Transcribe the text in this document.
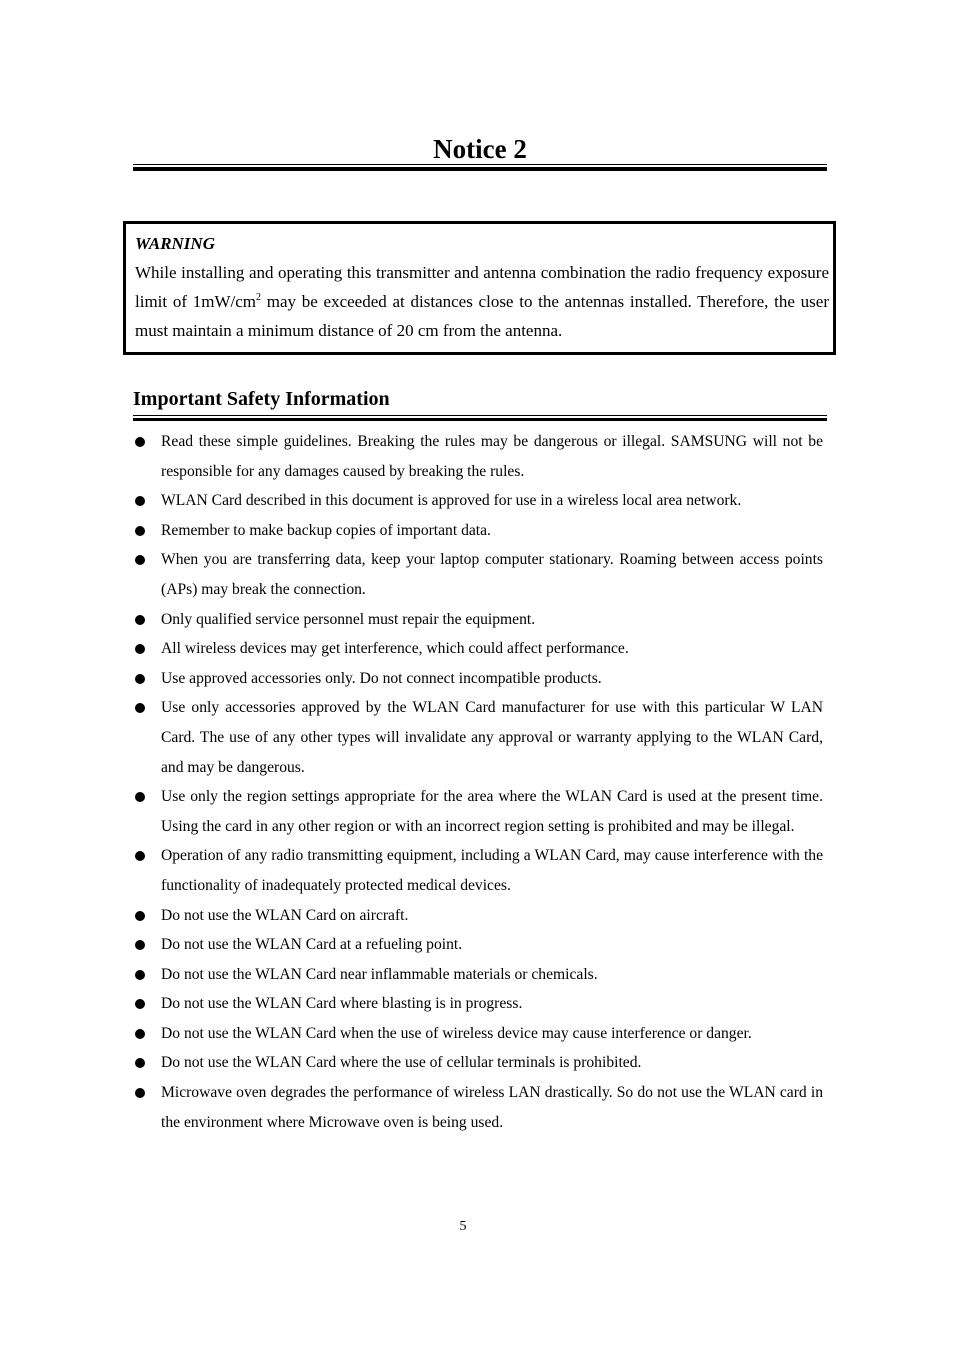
Notice 2
WARNING

While installing and operating this transmitter and antenna combination the radio frequency exposure limit of $1mW/cm^2$ may be exceeded at distances close to the antennas installed. Therefore, the user must maintain a minimum distance of 20 cm from the antenna.

Important Safety Information
Read these simple guidelines. Breaking the rules may be dangerous or illegal. SAMSUNG will not be responsible for any damages caused by breaking the rules.
WLAN Card described in this document is approved for use in a wireless local area network.
Remember to make backup copies of important data.
When you are transferring data, keep your laptop computer stationary. Roaming between access points (APs) may break the connection.
Only qualified service personnel must repair the equipment.
All wireless devices may get interference, which could affect performance.
Use approved accessories only. Do not connect incompatible products.
Use only accessories approved by the WLAN Card manufacturer for use with this particular W LAN Card. The use of any other types will invalidate any approval or warranty applying to the WLAN Card, and may be dangerous.
Use only the region settings appropriate for the area where the WLAN Card is used at the present time. Using the card in any other region or with an incorrect region setting is prohibited and may be illegal.
Operation of any radio transmitting equipment, including a WLAN Card, may cause interference with the functionality of inadequately protected medical devices.
Do not use the WLAN Card on aircraft.
Do not use the WLAN Card at a refueling point.
Do not use the WLAN Card near inflammable materials or chemicals.
Do not use the WLAN Card where blasting is in progress.
Do not use the WLAN Card when the use of wireless device may cause interference or danger.
Do not use the WLAN Card where the use of cellular terminals is prohibited.
Microwave oven degrades the performance of wireless LAN drastically. So do not use the WLAN card in the environment where Microwave oven is being used.
5
